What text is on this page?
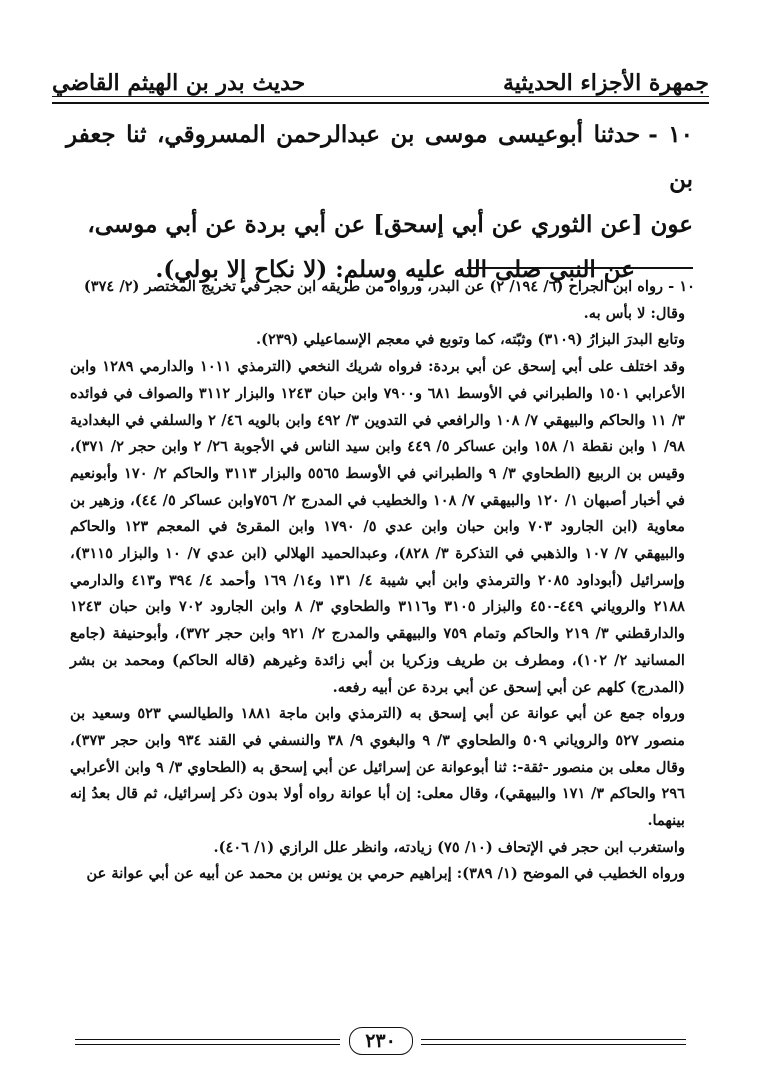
جمهرة الأجزاء الحديثية
حديث بدر بن الهيثم القاضي
١٠ -حدثنا أبوعيسى موسى بن عبدالرحمن المسروقي، ثنا جعفر بن
عون [عن الثوري عن أبي إسحق] عن أبي بردة عن أبي موسى،
عن النبي صلى الله عليه وسلم: (لا نكاح إلا بولي).

١٠ - رواه ابن الجراح (٦/ ١٩٤/ ٢) عن البدر، ورواه من طريقه ابن حجر في تخريج المختصر (٢/ ٣٧٤)

وقال: لا بأس به.

وتابع البدرَ البزارُ (٣١٠٩) وثبّته، كما وتوبع في معجم الإسماعيلي (٢٣٩).

وقد اختلف على أبي إسحق عن أبي بردة: فرواه شريك النخعي (الترمذي ١٠١١ والدارمي ١٢٨٩ وابن الأعرابي ١٥٠١ والطبراني في الأوسط ٦٨١ و٧٩٠٠ وابن حبان ١٢٤٣ والبزار ٣١١٢ والصواف في فوائده ٣/ ١١ والحاكم والبيهقي ٧/ ١٠٨ والرافعي في التدوين ٣/ ٤٩٢ وابن بالويه ٤٦/ ٢ والسلفي في البغدادية ٩٨/ ١ وابن نقطة ١/ ١٥٨ وابن عساكر ٥/ ٤٤٩ وابن سيد الناس في الأجوبة ٢٦/ ٢ وابن حجر ٢/ ٣٧١)، وقيس بن الربيع (الطحاوي ٣/ ٩ والطبراني في الأوسط ٥٥٦٥ والبزار ٣١١٣ والحاكم ٢/ ١٧٠ وأبونعيم في أخبار أصبهان ١/ ١٢٠ والبيهقي ٧/ ١٠٨ والخطيب في المدرج ٢/ ٧٥٦وابن عساكر ٥/ ٤٤)، وزهير بن معاوية (ابن الجارود ٧٠٣ وابن حبان وابن عدي ٥/ ١٧٩٠ وابن المقرئ في المعجم ١٢٣ والحاكم والبيهقي ٧/ ١٠٧ والذهبي في التذكرة ٣/ ٨٢٨)، وعبدالحميد الهلالي (ابن عدي ٧/ ١٠ والبزار ٣١١٥)، وإسرائيل (أبوداود ٢٠٨٥ والترمذي وابن أبي شيبة ٤/ ١٣١ و١٤/ ١٦٩ وأحمد ٤/ ٣٩٤ و٤١٣ والدارمي ٢١٨٨ والروياني ٤٤٩-٤٥٠ والبزار ٣١٠٥ و٣١١٦ والطحاوي ٣/ ٨ وابن الجارود ٧٠٢ وابن حبان ١٢٤٣ والدارقطني ٣/ ٢١٩ والحاكم وتمام ٧٥٩ والبيهقي والمدرج ٢/ ٩٢١ وابن حجر ٣٧٢)، وأبوحنيفة (جامع المسانيد ٢/ ١٠٢)، ومطرف بن طريف وزكريا بن أبي زائدة وغيرهم (قاله الحاكم) ومحمد بن بشر (المدرج) كلهم عن أبي إسحق عن أبي بردة عن أبيه رفعه.

ورواه جمع عن أبي عوانة عن أبي إسحق به (الترمذي وابن ماجة ١٨٨١ والطيالسي ٥٢٣ وسعيد بن منصور ٥٢٧ والروياني ٥٠٩ والطحاوي ٣/ ٩ والبغوي ٩/ ٣٨ والنسفي في القند ٩٣٤ وابن حجر ٣٧٣)، وقال معلى بن منصور -ثقة-: ثنا أبوعوانة عن إسرائيل عن أبي إسحق به (الطحاوي ٣/ ٩ وابن الأعرابي ٢٩٦ والحاكم ٣/ ١٧١ والبيهقي)، وقال معلى: إن أبا عوانة رواه أولا بدون ذكر إسرائيل، ثم قال بعدُ إنه بينهما.

واستغرب ابن حجر في الإتحاف (١٠/ ٧٥) زيادته، وانظر علل الرازي (١/ ٤٠٦).

ورواه الخطيب في الموضح (١/ ٣٨٩): إبراهيم حرمي بن يونس بن محمد عن أبيه عن أبي عوانة عن

٢٣٠
